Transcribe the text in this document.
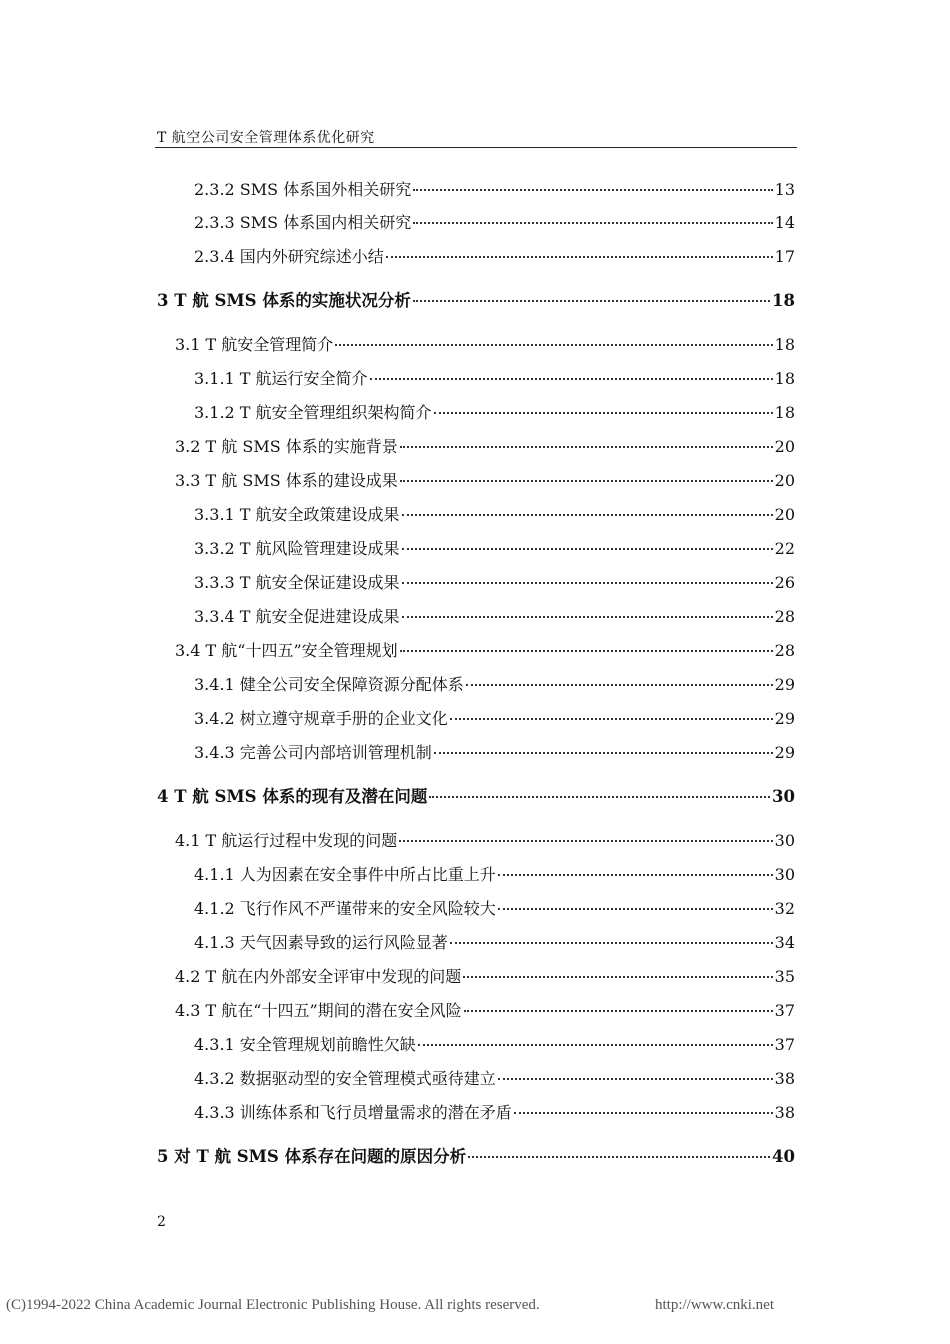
T 航空公司安全管理体系优化研究
2.3.2 SMS 体系国外相关研究	13
2.3.3 SMS 体系国内相关研究	14
2.3.4 国内外研究综述小结	17
3 T 航 SMS 体系的实施状况分析	18
3.1 T 航安全管理简介	18
3.1.1 T 航运行安全简介	18
3.1.2 T 航安全管理组织架构简介	18
3.2 T 航 SMS 体系的实施背景	20
3.3 T 航 SMS 体系的建设成果	20
3.3.1 T 航安全政策建设成果	20
3.3.2 T 航风险管理建设成果	22
3.3.3 T 航安全保证建设成果	26
3.3.4 T 航安全促进建设成果	28
3.4 T 航“十四五”安全管理规划	28
3.4.1 健全公司安全保障资源分配体系	29
3.4.2 树立遵守规章手册的企业文化	29
3.4.3 完善公司内部培训管理机制	29
4 T 航 SMS 体系的现有及潜在问题	30
4.1 T 航运行过程中发现的问题	30
4.1.1 人为因素在安全事件中所占比重上升	30
4.1.2 飞行作风不严谨带来的安全风险较大	32
4.1.3 天气因素导致的运行风险显著	34
4.2 T 航在内外部安全评审中发现的问题	35
4.3 T 航在“十四五”期间的潜在安全风险	37
4.3.1 安全管理规划前瞻性欠缺	37
4.3.2 数据驱动型的安全管理模式亟待建立	38
4.3.3 训练体系和飞行员增量需求的潜在矛盾	38
5 对 T 航 SMS 体系存在问题的原因分析	40
2
(C)1994-2022 China Academic Journal Electronic Publishing House. All rights reserved.	http://www.cnki.net
